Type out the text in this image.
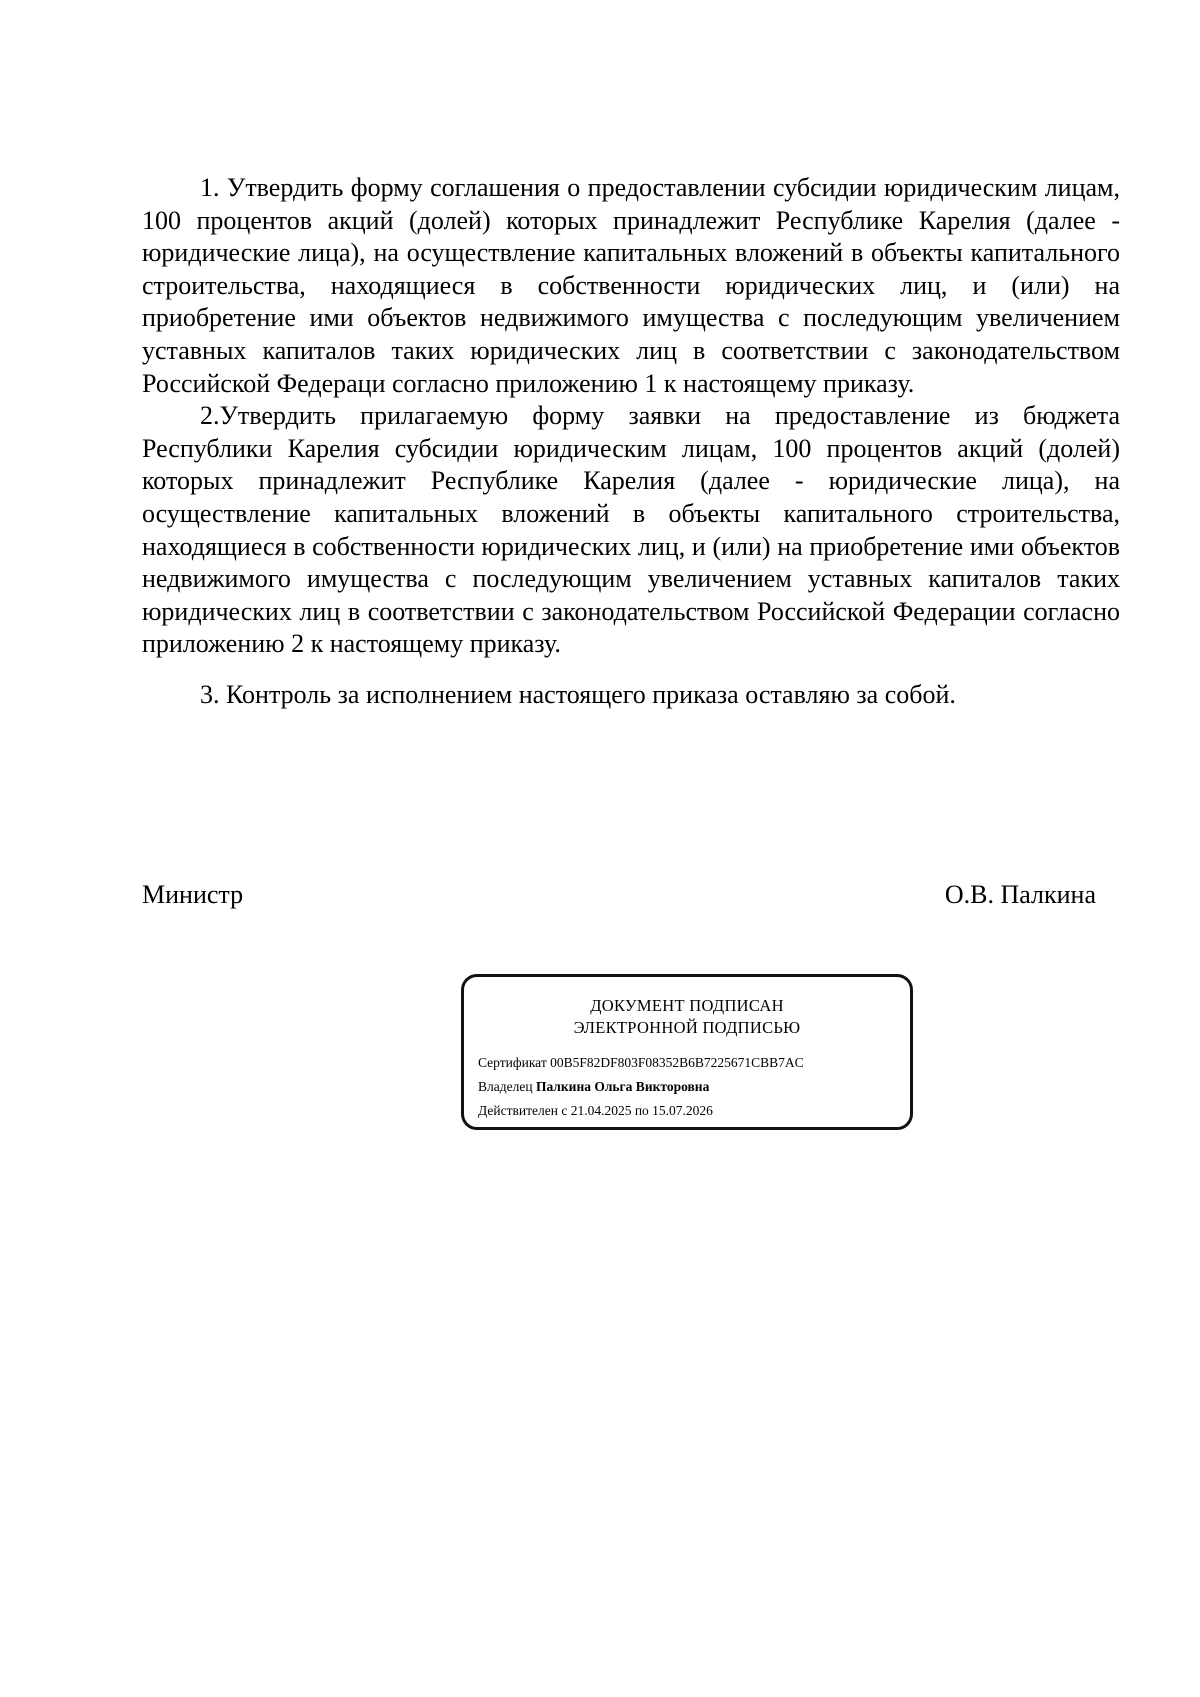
1. Утвердить форму соглашения о предоставлении субсидии юридическим лицам, 100 процентов акций (долей) которых принадлежит Республике Карелия (далее - юридические лица), на осуществление капитальных вложений в объекты капитального строительства, находящиеся в собственности юридических лиц, и (или) на приобретение ими объектов недвижимого имущества с последующим увеличением уставных капиталов таких юридических лиц в соответствии с законодательством Российской Федераци согласно приложению 1 к настоящему приказу.

2.Утвердить прилагаемую форму заявки на предоставление из бюджета Республики Карелия субсидии юридическим лицам, 100 процентов акций (долей) которых принадлежит Республике Карелия (далее - юридические лица), на осуществление капитальных вложений в объекты капитального строительства, находящиеся в собственности юридических лиц, и (или) на приобретение ими объектов недвижимого имущества с последующим увеличением уставных капиталов таких юридических лиц в соответствии с законодательством Российской Федерации согласно приложению 2 к настоящему приказу.

3. Контроль за исполнением настоящего приказа оставляю за собой.

Министр	О.В. Палкина
ДОКУМЕНТ ПОДПИСАН
ЭЛЕКТРОННОЙ ПОДПИСЬЮ
Сертификат 00B5F82DF803F08352B6B7225671CBB7AC
Владелец Палкина Ольга Викторовна
Действителен с 21.04.2025 по 15.07.2026
